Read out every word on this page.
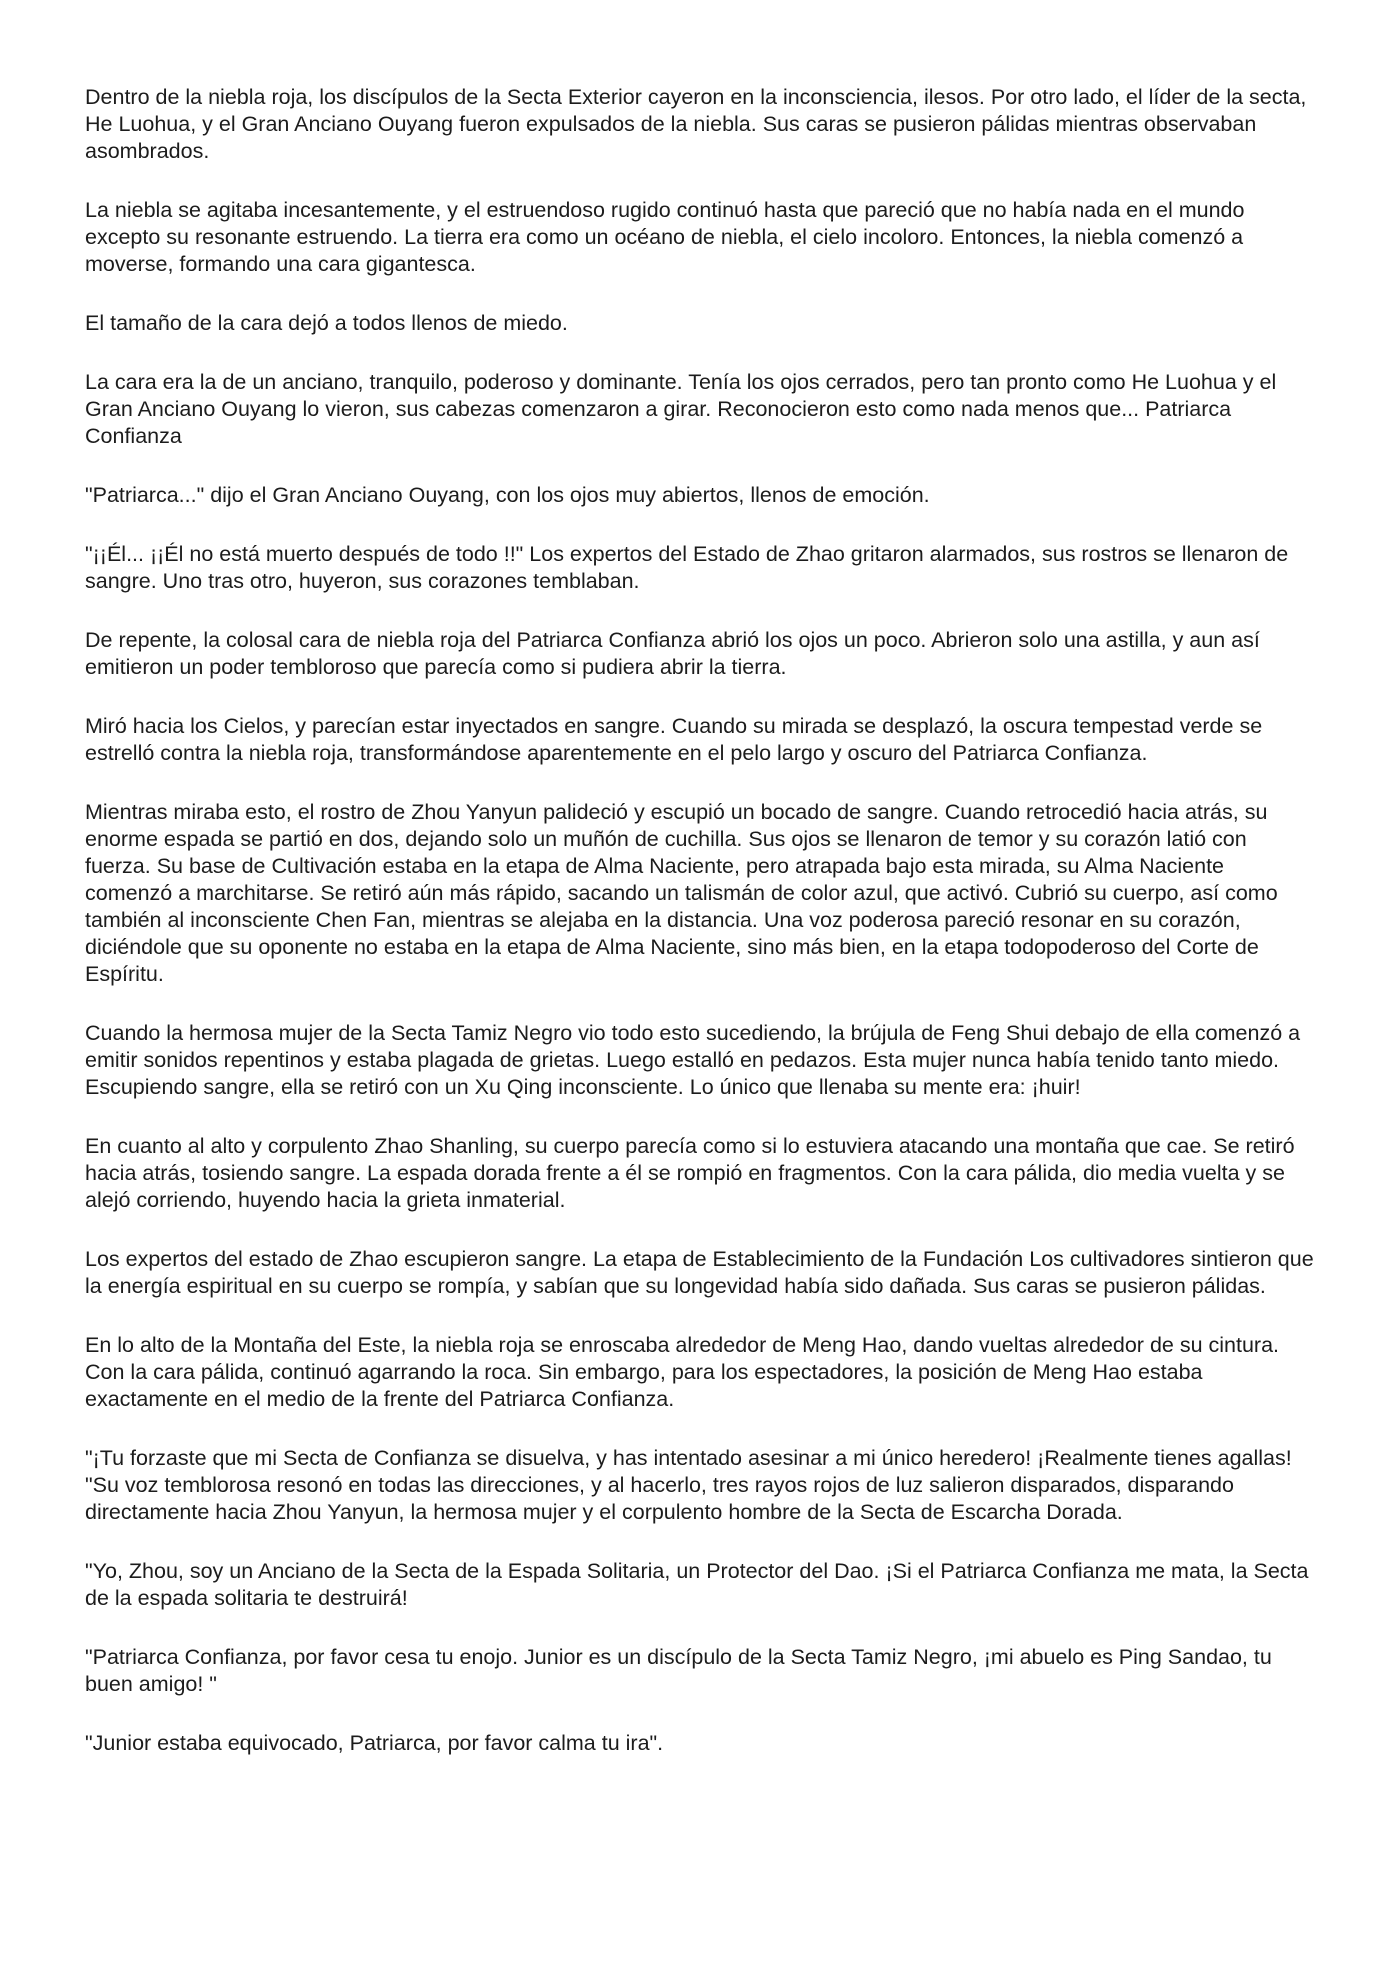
Dentro de la niebla roja, los discípulos de la Secta Exterior cayeron en la inconsciencia, ilesos. Por otro lado, el líder de la secta, He Luohua, y el Gran Anciano Ouyang fueron expulsados de la niebla. Sus caras se pusieron pálidas mientras observaban asombrados.

La niebla se agitaba incesantemente, y el estruendoso rugido continuó hasta que pareció que no había nada en el mundo excepto su resonante estruendo. La tierra era como un océano de niebla, el cielo incoloro. Entonces, la niebla comenzó a moverse, formando una cara gigantesca.

El tamaño de la cara dejó a todos llenos de miedo.

La cara era la de un anciano, tranquilo, poderoso y dominante. Tenía los ojos cerrados, pero tan pronto como He Luohua y el Gran Anciano Ouyang lo vieron, sus cabezas comenzaron a girar. Reconocieron esto como nada menos que... Patriarca Confianza

"Patriarca..." dijo el Gran Anciano Ouyang, con los ojos muy abiertos, llenos de emoción.

"¡¡Él... ¡¡Él no está muerto después de todo !!" Los expertos del Estado de Zhao gritaron alarmados, sus rostros se llenaron de sangre. Uno tras otro, huyeron, sus corazones temblaban.

De repente, la colosal cara de niebla roja del Patriarca Confianza abrió los ojos un poco. Abrieron solo una astilla, y aun así emitieron un poder tembloroso que parecía como si pudiera abrir la tierra.

Miró hacia los Cielos, y parecían estar inyectados en sangre. Cuando su mirada se desplazó, la oscura tempestad verde se estrelló contra la niebla roja, transformándose aparentemente en el pelo largo y oscuro del Patriarca Confianza.

Mientras miraba esto, el rostro de Zhou Yanyun palideció y escupió un bocado de sangre. Cuando retrocedió hacia atrás, su enorme espada se partió en dos, dejando solo un muñón de cuchilla. Sus ojos se llenaron de temor y su corazón latió con fuerza. Su base de Cultivación estaba en la etapa de Alma Naciente, pero atrapada bajo esta mirada, su Alma Naciente comenzó a marchitarse. Se retiró aún más rápido, sacando un talismán de color azul, que activó. Cubrió su cuerpo, así como también al inconsciente Chen Fan, mientras se alejaba en la distancia. Una voz poderosa pareció resonar en su corazón, diciéndole que su oponente no estaba en la etapa de Alma Naciente, sino más bien, en la etapa todopoderoso del Corte de Espíritu.

Cuando la hermosa mujer de la Secta Tamiz Negro vio todo esto sucediendo, la brújula de Feng Shui debajo de ella comenzó a emitir sonidos repentinos y estaba plagada de grietas. Luego estalló en pedazos. Esta mujer nunca había tenido tanto miedo. Escupiendo sangre, ella se retiró con un Xu Qing inconsciente. Lo único que llenaba su mente era: ¡huir!

En cuanto al alto y corpulento Zhao Shanling, su cuerpo parecía como si lo estuviera atacando una montaña que cae. Se retiró hacia atrás, tosiendo sangre. La espada dorada frente a él se rompió en fragmentos. Con la cara pálida, dio media vuelta y se alejó corriendo, huyendo hacia la grieta inmaterial.

Los expertos del estado de Zhao escupieron sangre. La etapa de Establecimiento de la Fundación Los cultivadores sintieron que la energía espiritual en su cuerpo se rompía, y sabían que su longevidad había sido dañada. Sus caras se pusieron pálidas.

En lo alto de la Montaña del Este, la niebla roja se enroscaba alrededor de Meng Hao, dando vueltas alrededor de su cintura. Con la cara pálida, continuó agarrando la roca. Sin embargo, para los espectadores, la posición de Meng Hao estaba exactamente en el medio de la frente del Patriarca Confianza.

"¡Tu forzaste que mi Secta de Confianza se disuelva, y has intentado asesinar a mi único heredero! ¡Realmente tienes agallas! "Su voz temblorosa resonó en todas las direcciones, y al hacerlo, tres rayos rojos de luz salieron disparados, disparando directamente hacia Zhou Yanyun, la hermosa mujer y el corpulento hombre de la Secta de Escarcha Dorada.

"Yo, Zhou, soy un Anciano de la Secta de la Espada Solitaria, un Protector del Dao. ¡Si el Patriarca Confianza me mata, la Secta de la espada solitaria te destruirá!

"Patriarca Confianza, por favor cesa tu enojo. Junior es un discípulo de la Secta Tamiz Negro, ¡mi abuelo es Ping Sandao, tu buen amigo! "

"Junior estaba equivocado, Patriarca, por favor calma tu ira".
